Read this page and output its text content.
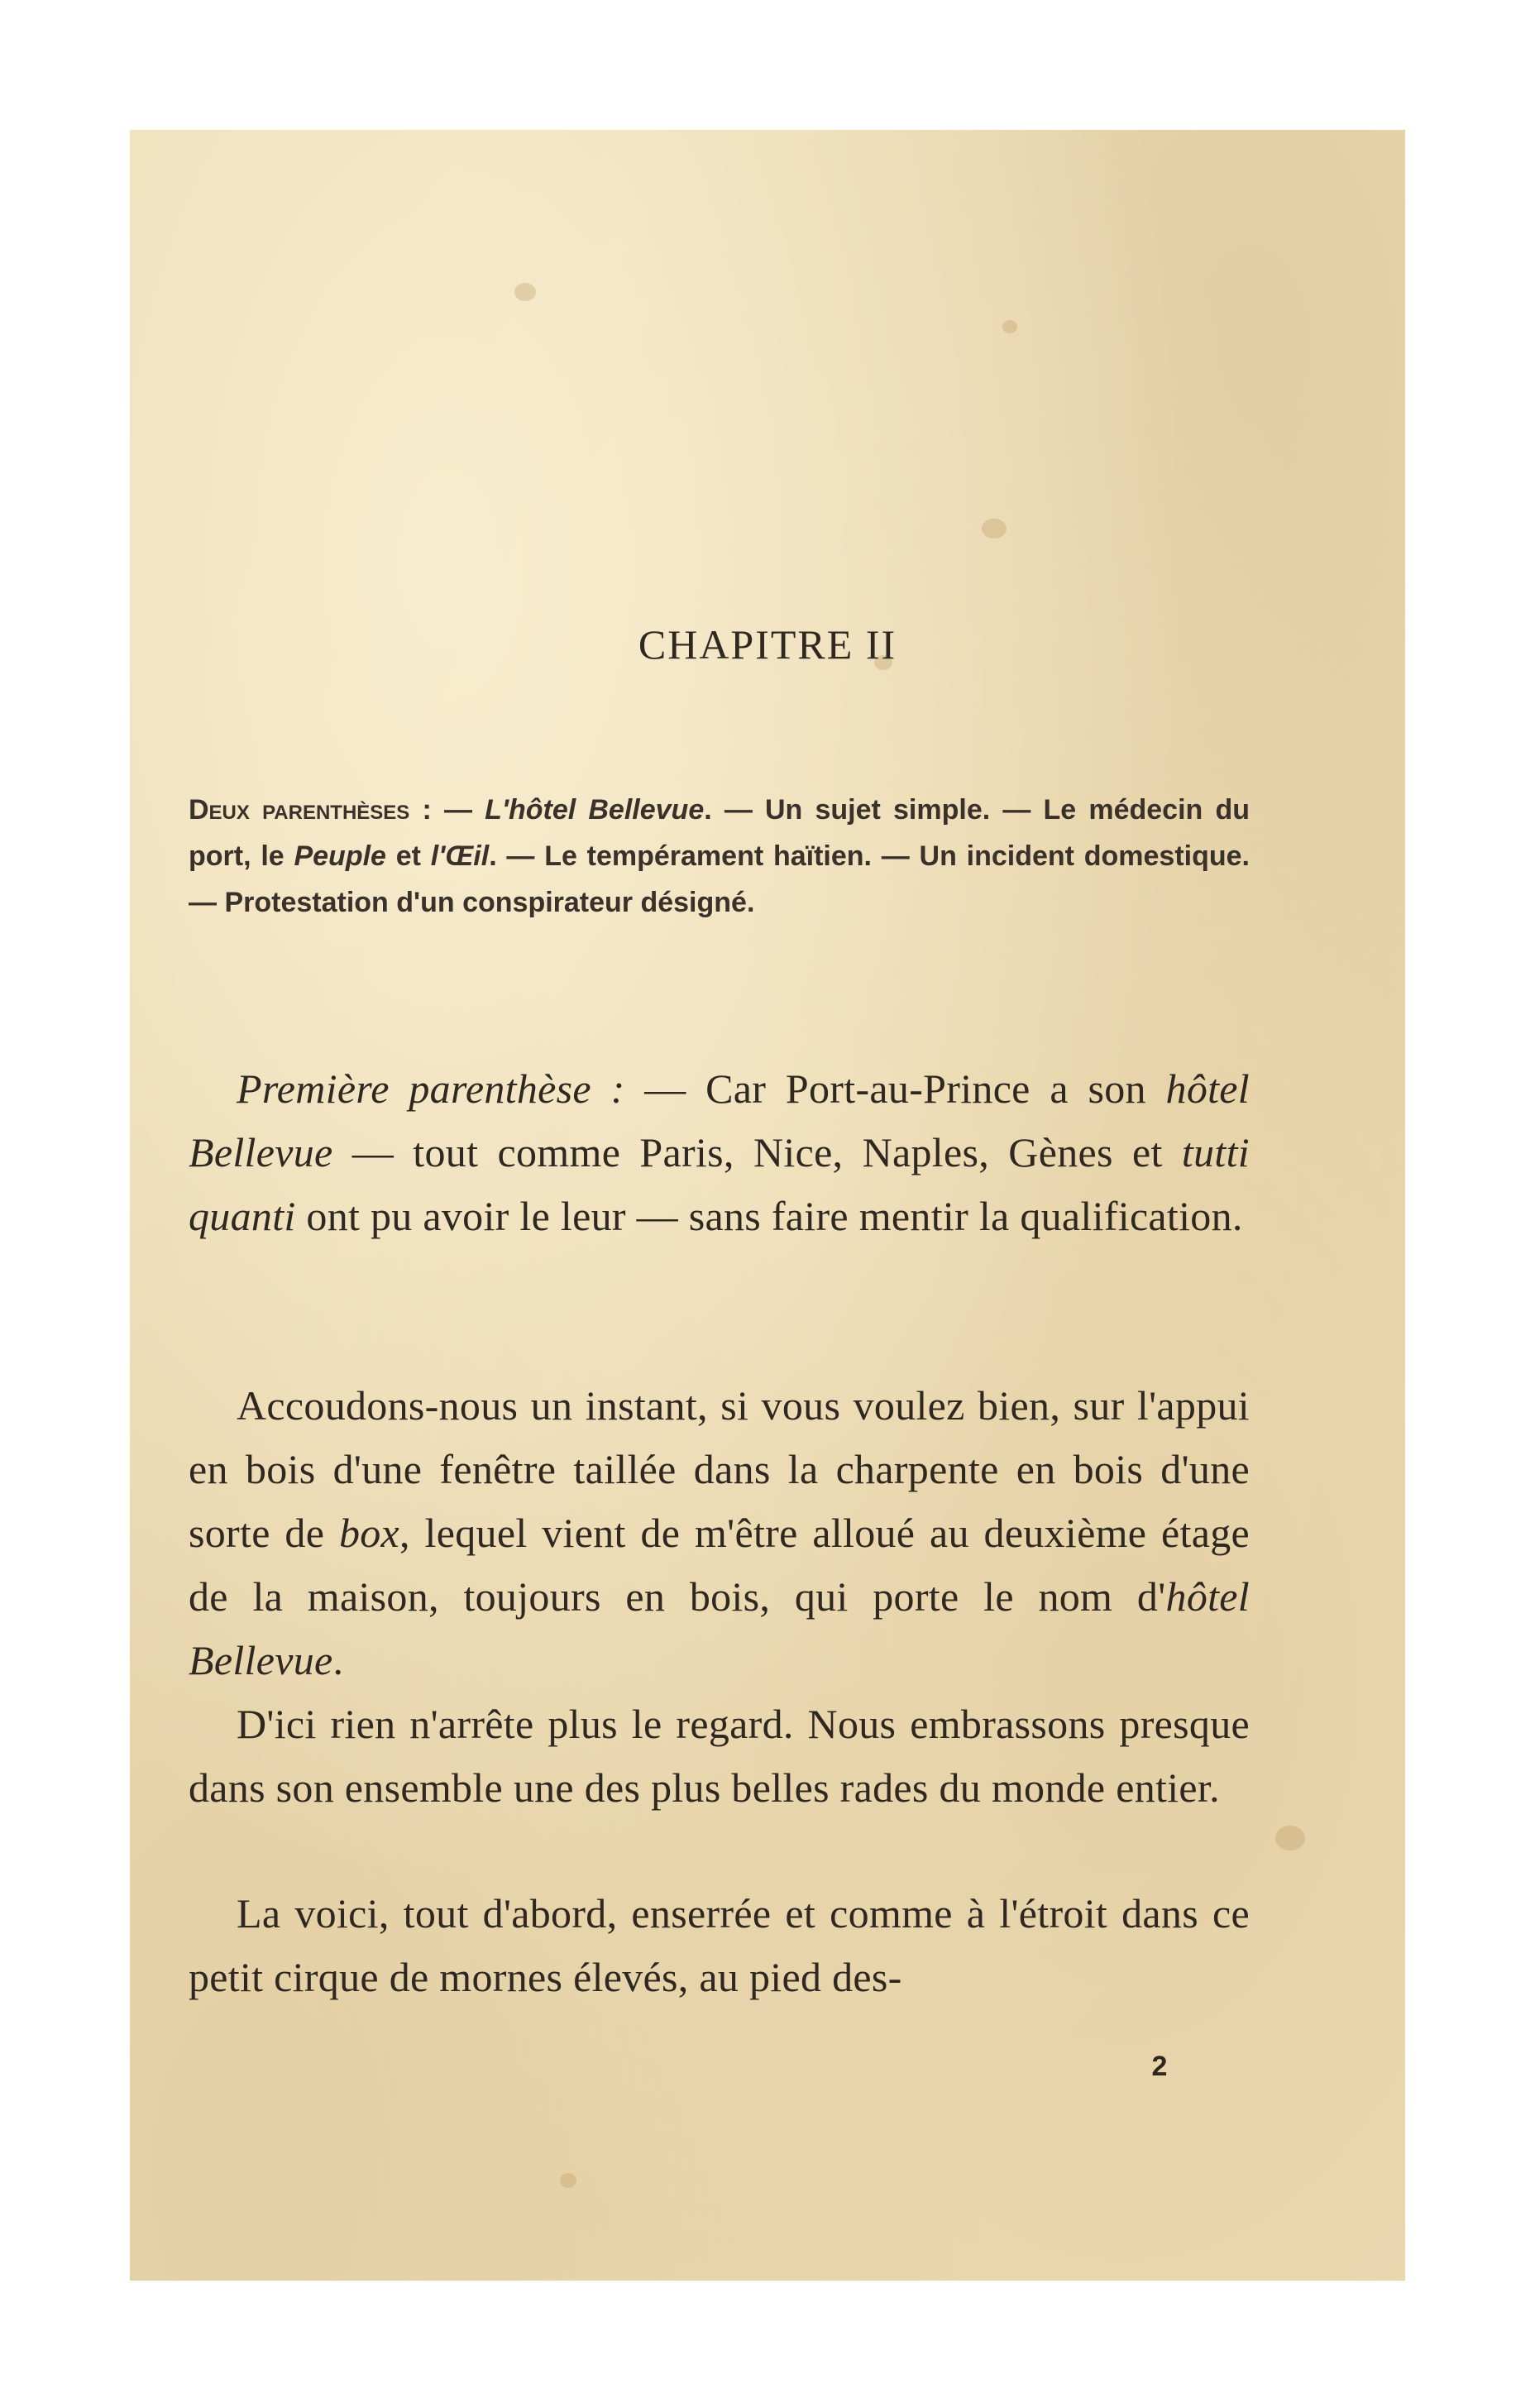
CHAPITRE II
Deux parenthèses : — L'hôtel Bellevue. — Un sujet simple. — Le médecin du port, le Peuple et l'Œil. — Le tempérament haïtien. — Un incident domestique. — Protestation d'un conspirateur désigné.

Première parenthèse : — Car Port-au-Prince a son hôtel Bellevue — tout comme Paris, Nice, Naples, Gènes et tutti quanti ont pu avoir le leur — sans faire mentir la qualification.

Accoudons-nous un instant, si vous voulez bien, sur l'appui en bois d'une fenêtre taillée dans la charpente en bois d'une sorte de box, lequel vient de m'être alloué au deuxième étage de la maison, toujours en bois, qui porte le nom d'hôtel Bellevue.

D'ici rien n'arrête plus le regard. Nous embrassons presque dans son ensemble une des plus belles rades du monde entier.

La voici, tout d'abord, enserrée et comme à l'étroit dans ce petit cirque de mornes élevés, au pied des-

2
